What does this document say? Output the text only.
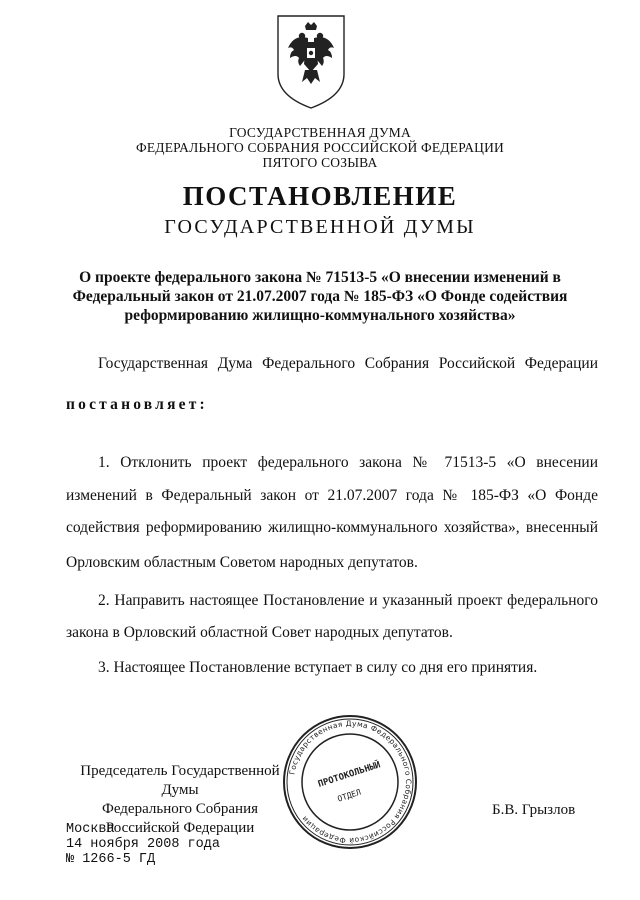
ГОСУДАРСТВЕННАЯ ДУМА
ФЕДЕРАЛЬНОГО СОБРАНИЯ РОССИЙСКОЙ ФЕДЕРАЦИИ
ПЯТОГО СОЗЫВА
ПОСТАНОВЛЕНИЕ
ГОСУДАРСТВЕННОЙ ДУМЫ
О проекте федерального закона № 71513-5 «О внесении изменений в
Федеральный закон от 21.07.2007 года № 185-ФЗ «О Фонде содействия
реформированию жилищно-коммунального хозяйства»
Государственная Дума Федерального Собрания Российской Федерации
постановляет:
1. Отклонить проект федерального закона № 71513-5 «О внесении
изменений в Федеральный закон от 21.07.2007 года № 185-ФЗ «О Фонде
содействия реформированию жилищно-коммунального хозяйства», внесенный
Орловским областным Советом народных депутатов.
2. Направить настоящее Постановление и указанный проект федерального
закона в Орловский областной Совет народных депутатов.
3. Настоящее Постановление вступает в силу со дня его принятия.
Председатель Государственной Думы
Федерального Собрания
Российской Федерации
Государственная Дума Федерального Собрания Российской Федерации
ПРОТОКОЛЬНЫЙ
ОТДЕЛ
Б.В. Грызлов
Москва
14 ноября 2008 года
№ 1266-5 ГД
